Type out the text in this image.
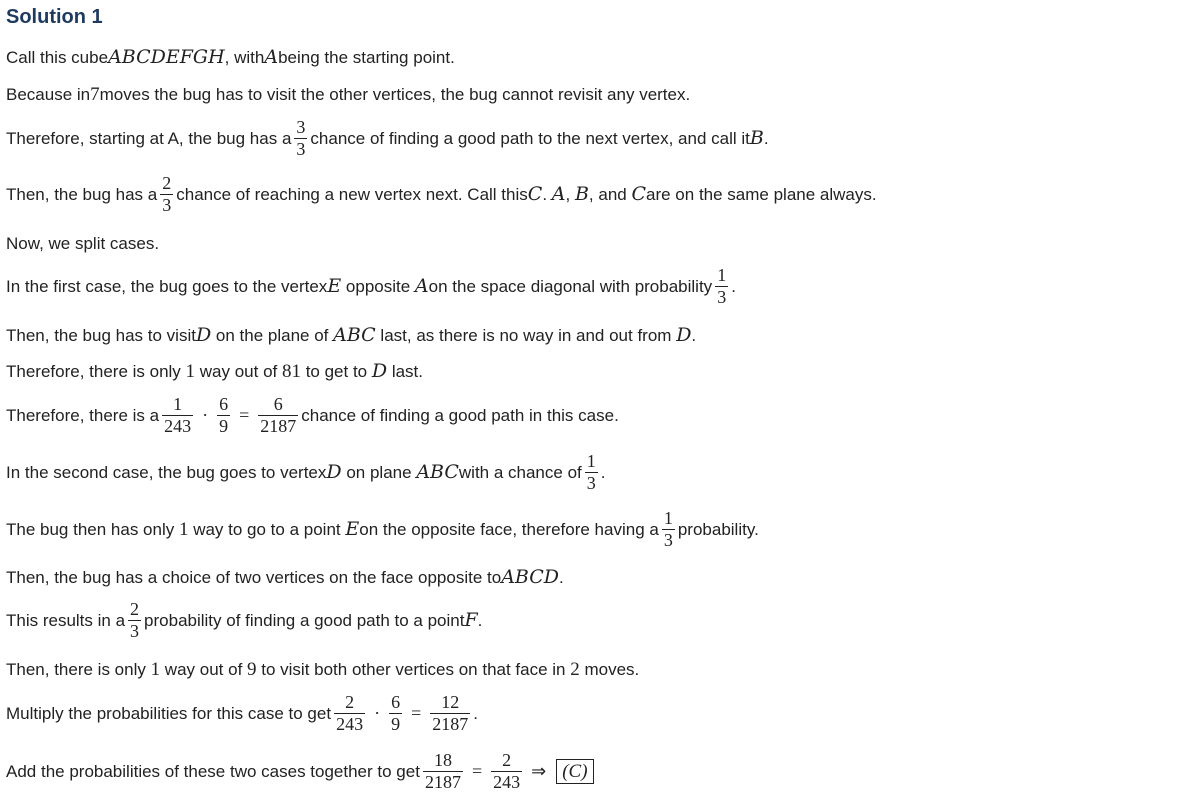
Solution 1
Call this cube ABCDEFGH , with A being the starting point.
Because in 7 moves the bug has to visit the other vertices, the bug cannot revisit any vertex.
Therefore, starting at A, the bug has a $\frac{3}{3}$ chance of finding a good path to the next vertex, and call it B .
Then, the bug has a $\frac{2}{3}$ chance of reaching a new vertex next. Call this C . A , B , and C are on the same plane always.
Now, we split cases.
In the first case, the bug goes to the vertex E opposite A on the space diagonal with probability $\frac{1}{3}$ .
Then, the bug has to visit D on the plane of ABC last, as there is no way in and out from D .
Therefore, there is only 1 way out of 81 to get to D last.
Therefore, there is a $\frac{1}{243} \cdot \frac{6}{9} = \frac{6}{2187}$ chance of finding a good path in this case.
In the second case, the bug goes to vertex D on plane ABC with a chance of $\frac{1}{3}$ .
The bug then has only 1 way to go to a point E on the opposite face, therefore having a $\frac{1}{3}$ probability.
Then, the bug has a choice of two vertices on the face opposite to ABCD .
This results in a $\frac{2}{3}$ probability of finding a good path to a point F .
Then, there is only 1 way out of 9 to visit both other vertices on that face in 2 moves.
Multiply the probabilities for this case to get $\frac{2}{243} \cdot \frac{6}{9} = \frac{12}{2187}$ .
Add the probabilities of these two cases together to get $\frac{18}{2187} = \frac{2}{243}$ ⇒ (C)
